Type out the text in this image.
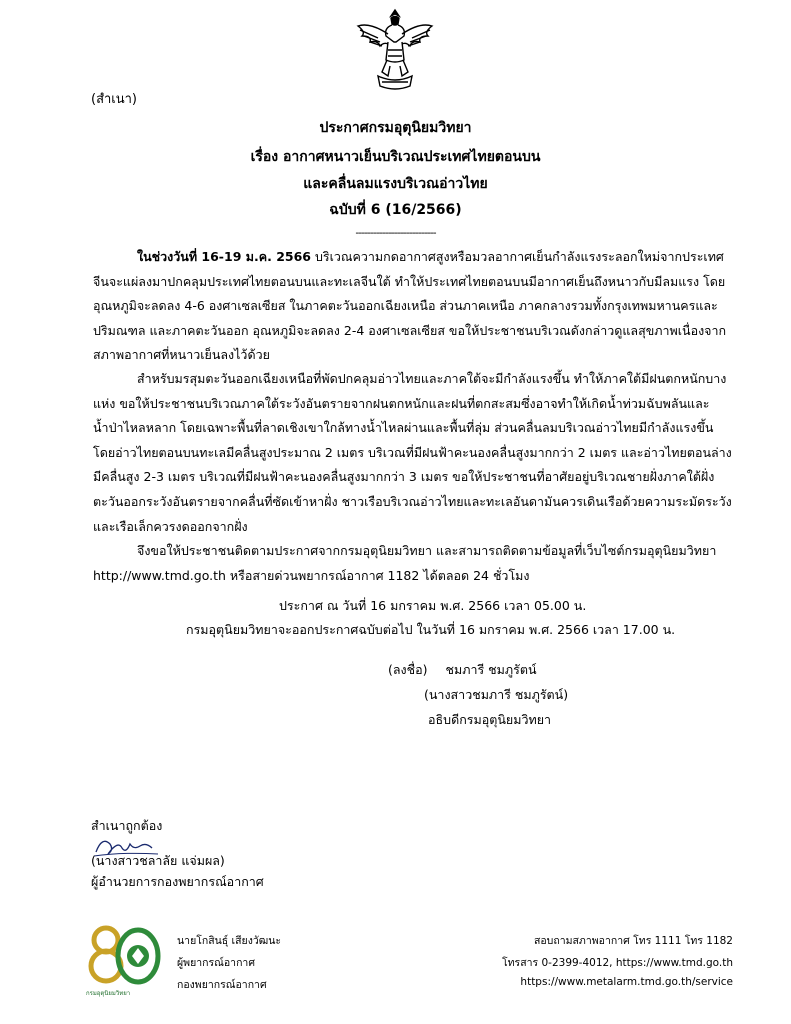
(สำเนา)
ประกาศกรมอุตุนิยมวิทยา
เรื่อง อากาศหนาวเย็นบริเวณประเทศไทยตอนบน
และคลื่นลมแรงบริเวณอ่าวไทย
ฉบับที่ 6 (16/2566)
---------------------------
ในช่วงวันที่ 16-19 ม.ค. 2566 บริเวณความกดอากาศสูงหรือมวลอากาศเย็นกำลังแรงระลอกใหม่จากประเทศจีนจะแผ่ลงมาปกคลุมประเทศไทยตอนบนและทะเลจีนใต้ ทำให้ประเทศไทยตอนบนมีอากาศเย็นถึงหนาวกับมีลมแรง โดยอุณหภูมิจะลดลง 4-6 องศาเซลเซียส ในภาคตะวันออกเฉียงเหนือ ส่วนภาคเหนือ ภาคกลางรวมทั้งกรุงเทพมหานครและปริมณฑล และภาคตะวันออก อุณหภูมิจะลดลง 2-4 องศาเซลเซียส ขอให้ประชาชนบริเวณดังกล่าวดูแลสุขภาพเนื่องจากสภาพอากาศที่หนาวเย็นลงไว้ด้วย
สำหรับมรสุมตะวันออกเฉียงเหนือที่พัดปกคลุมอ่าวไทยและภาคใต้จะมีกำลังแรงขึ้น ทำให้ภาคใต้มีฝนตกหนักบางแห่ง ขอให้ประชาชนบริเวณภาคใต้ระวังอันตรายจากฝนตกหนักและฝนที่ตกสะสมซึ่งอาจทำให้เกิดน้ำท่วมฉับพลันและน้ำป่าไหลหลาก โดยเฉพาะพื้นที่ลาดเชิงเขาใกล้ทางน้ำไหลผ่านและพื้นที่ลุ่ม ส่วนคลื่นลมบริเวณอ่าวไทยมีกำลังแรงขึ้น โดยอ่าวไทยตอนบนทะเลมีคลื่นสูงประมาณ 2 เมตร บริเวณที่มีฝนฟ้าคะนองคลื่นสูงมากกว่า 2 เมตร และอ่าวไทยตอนล่างมีคลื่นสูง 2-3 เมตร บริเวณที่มีฝนฟ้าคะนองคลื่นสูงมากกว่า 3 เมตร ขอให้ประชาชนที่อาศัยอยู่บริเวณชายฝั่งภาคใต้ฝั่งตะวันออกระวังอันตรายจากคลื่นที่ซัดเข้าหาฝั่ง ชาวเรือบริเวณอ่าวไทยและทะเลอันดามันควรเดินเรือด้วยความระมัดระวัง และเรือเล็กควรงดออกจากฝั่ง
จึงขอให้ประชาชนติดตามประกาศจากกรมอุตุนิยมวิทยา และสามารถติดตามข้อมูลที่เว็บไซต์กรมอุตุนิยมวิทยา http://www.tmd.go.th หรือสายด่วนพยากรณ์อากาศ 1182 ได้ตลอด 24 ชั่วโมง
ประกาศ ณ วันที่ 16 มกราคม พ.ศ. 2566 เวลา 05.00 น.
กรมอุตุนิยมวิทยาจะออกประกาศฉบับต่อไป ในวันที่ 16 มกราคม พ.ศ. 2566 เวลา 17.00 น.
(ลงชื่อ) ชมภารี ชมภูรัตน์
(นางสาวชมภารี ชมภูรัตน์)
อธิบดีกรมอุตุนิยมวิทยา
สำเนาถูกต้อง
(นางสาวชลาลัย แจ่มผล)
ผู้อำนวยการกองพยากรณ์อากาศ
กรมอุตุนิยมวิทยา
นายโกสินธุ์ เสียงวัฒนะ
ผู้พยากรณ์อากาศ
กองพยากรณ์อากาศ
สอบถามสภาพอากาศ โทร 1111 โทร 1182
โทรสาร 0-2399-4012, https://www.tmd.go.th
https://www.metalarm.tmd.go.th/service
